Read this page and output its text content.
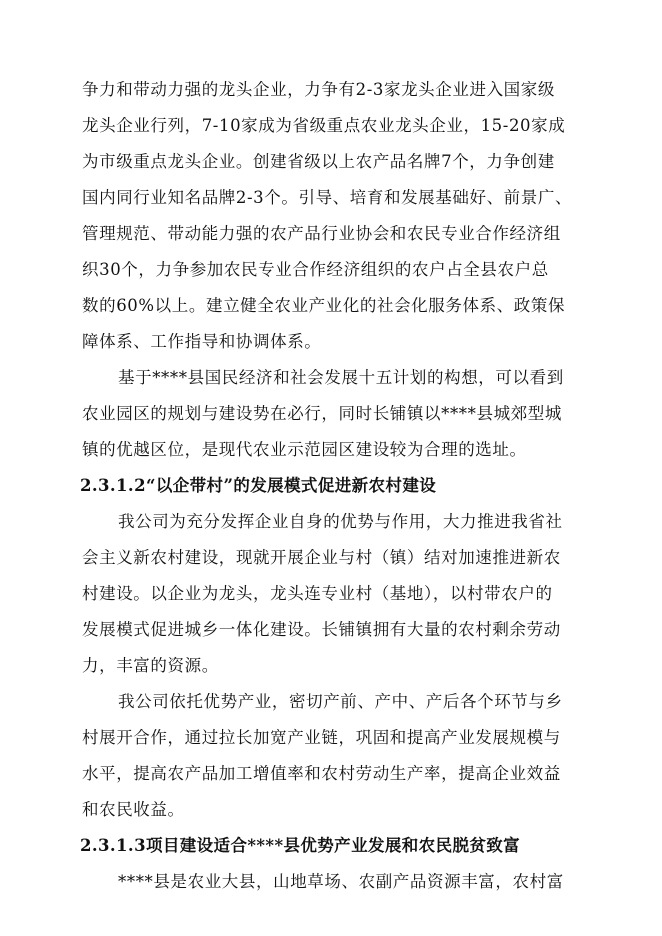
争力和带动力强的龙头企业，力争有2-3家龙头企业进入国家级
龙头企业行列，7-10家成为省级重点农业龙头企业，15-20家成
为市级重点龙头企业。创建省级以上农产品名牌7个，力争创建
国内同行业知名品牌2-3个。引导、培育和发展基础好、前景广、
管理规范、带动能力强的农产品行业协会和农民专业合作经济组
织30个，力争参加农民专业合作经济组织的农户占全县农户总
数的60%以上。建立健全农业产业化的社会化服务体系、政策保
障体系、工作指导和协调体系。
基于****县国民经济和社会发展十五计划的构想，可以看到
农业园区的规划与建设势在必行，同时长铺镇以****县城郊型城
镇的优越区位，是现代农业示范园区建设较为合理的选址。
2.3.1.2“以企带村”的发展模式促进新农村建设
我公司为充分发挥企业自身的优势与作用，大力推进我省社
会主义新农村建设，现就开展企业与村（镇）结对加速推进新农
村建设。以企业为龙头，龙头连专业村（基地），以村带农户的
发展模式促进城乡一体化建设。长铺镇拥有大量的农村剩余劳动
力，丰富的资源。
我公司依托优势产业，密切产前、产中、产后各个环节与乡
村展开合作，通过拉长加宽产业链，巩固和提高产业发展规模与
水平，提高农产品加工增值率和农村劳动生产率，提高企业效益
和农民收益。
2.3.1.3项目建设适合****县优势产业发展和农民脱贫致富
****县是农业大县，山地草场、农副产品资源丰富，农村富
